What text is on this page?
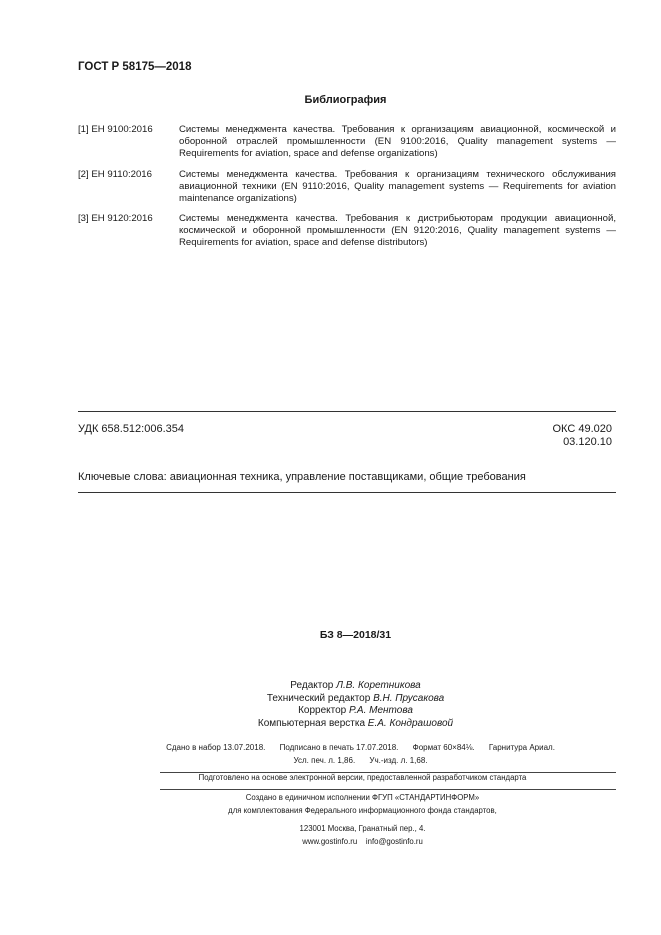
ГОСТ Р 58175—2018
Библиография
[1] ЕН 9100:2016	Системы менеджмента качества. Требования к организациям авиационной, космической и оборонной отраслей промышленности (EN 9100:2016, Quality management systems — Requirements for aviation, space and defense organizations)
[2] ЕН 9110:2016	Системы менеджмента качества. Требования к организациям технического обслуживания авиационной техники (EN 9110:2016, Quality management systems — Requirements for aviation maintenance organizations)
[3] ЕН 9120:2016	Системы менеджмента качества. Требования к дистрибьюторам продукции авиационной, космической и оборонной промышленности (EN 9120:2016, Quality management systems — Requirements for aviation, space and defense distributors)
УДК 658.512:006.354	ОКС 49.020
03.120.10
Ключевые слова: авиационная техника, управление поставщиками, общие требования
БЗ 8—2018/31
Редактор Л.В. Коретникова
Технический редактор В.Н. Прусакова
Корректор Р.А. Ментова
Компьютерная верстка Е.А. Кондрашовой
Сдано в набор 13.07.2018. Подписано в печать 17.07.2018. Формат 60×84⅛. Гарнитура Ариал.
Усл. печ. л. 1,86. Уч.-изд. л. 1,68.
Подготовлено на основе электронной версии, предоставленной разработчиком стандарта
Создано в единичном исполнении ФГУП «СТАНДАРТИНФОРМ»
для комплектования Федерального информационного фонда стандартов,
123001 Москва, Гранатный пер., 4.
www.gostinfo.ru info@gostinfo.ru
